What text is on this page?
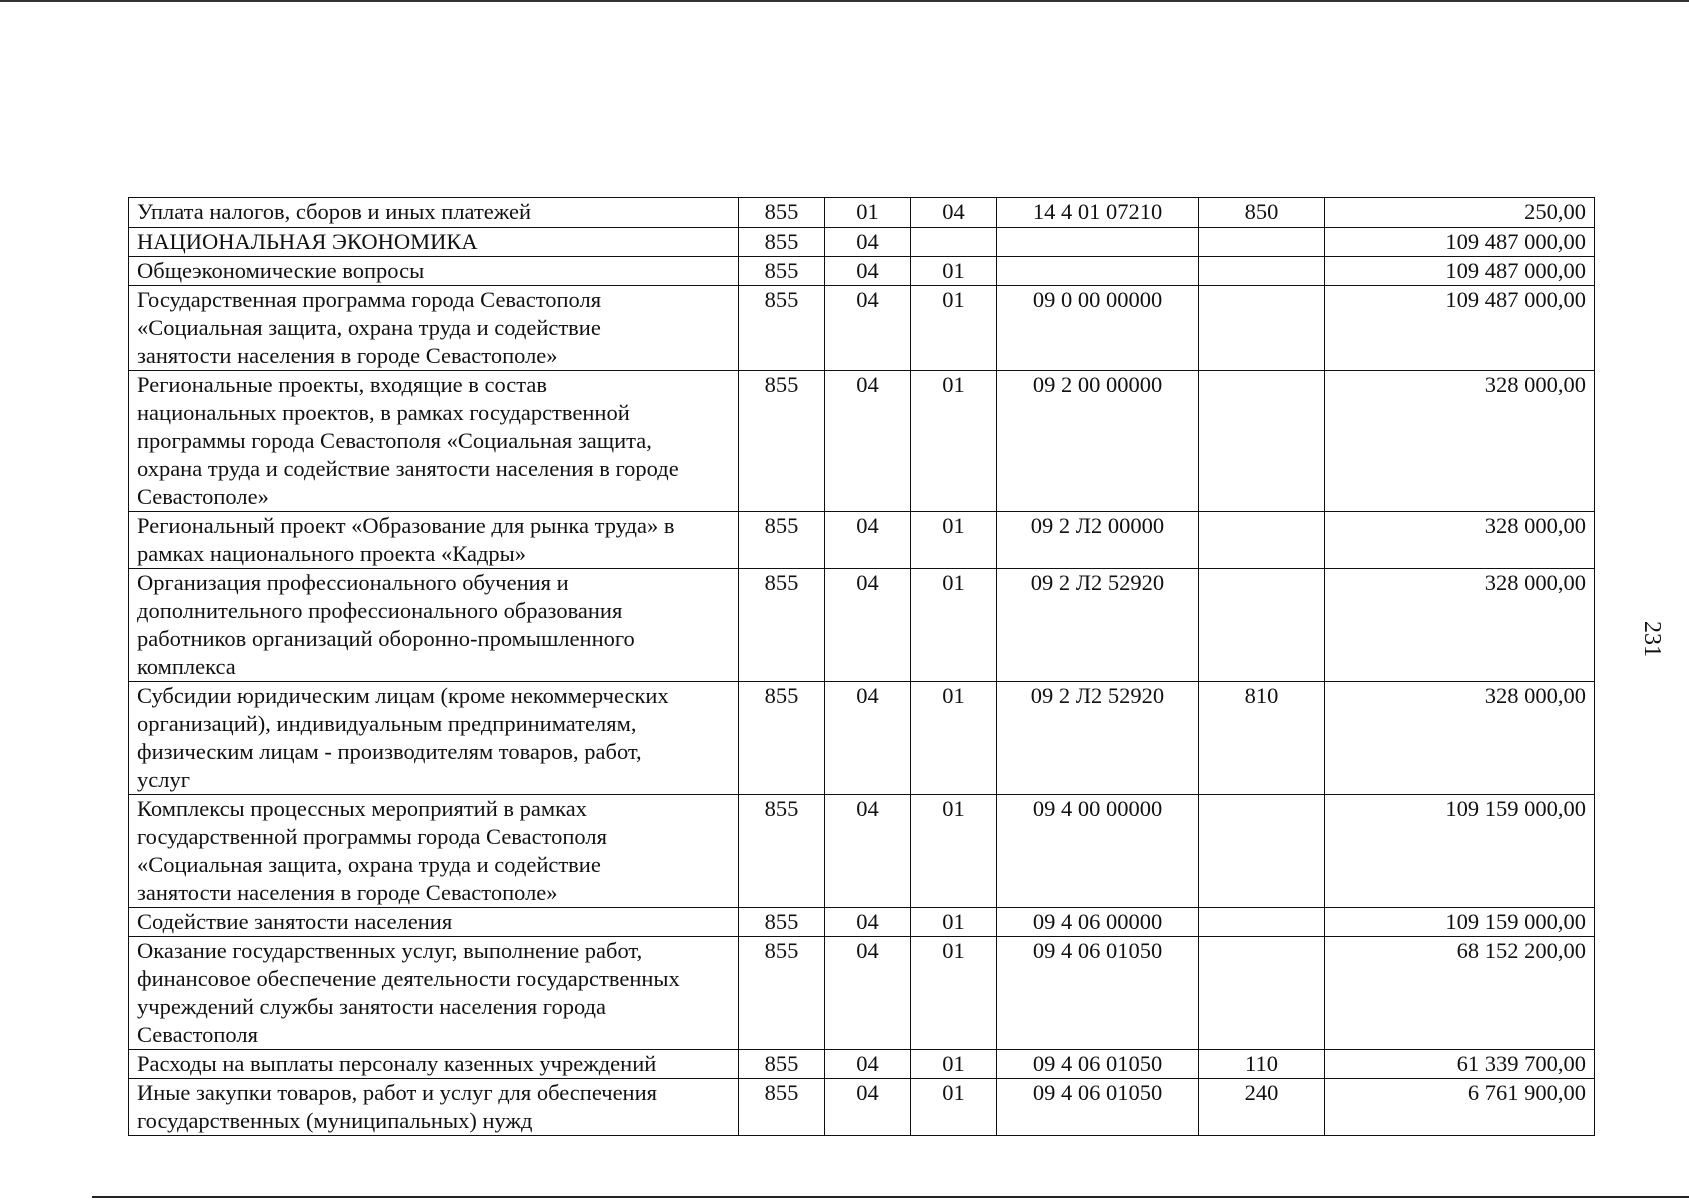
Уплата налогов, сборов и иных платежей	855	01	04	14 4 01 07210	850	250,00
НАЦИОНАЛЬНАЯ ЭКОНОМИКА	855	04				109 487 000,00
Общеэкономические вопросы	855	04	01			109 487 000,00
Государственная программа города Севастополя
«Социальная защита, охрана труда и содействие
занятости населения в городе Севастополе»	855	04	01	09 0 00 00000		109 487 000,00
Региональные проекты, входящие в состав
национальных проектов, в рамках государственной
программы города Севастополя «Социальная защита,
охрана труда и содействие занятости населения в городе
Севастополе»	855	04	01	09 2 00 00000		328 000,00
Региональный проект «Образование для рынка труда» в
рамках национального проекта «Кадры»	855	04	01	09 2 Л2 00000		328 000,00
Организация профессионального обучения и
дополнительного профессионального образования
работников организаций оборонно-промышленного
комплекса	855	04	01	09 2 Л2 52920		328 000,00
Субсидии юридическим лицам (кроме некоммерческих
организаций), индивидуальным предпринимателям,
физическим лицам - производителям товаров, работ,
услуг	855	04	01	09 2 Л2 52920	810	328 000,00
Комплексы процессных мероприятий в рамках
государственной программы города Севастополя
«Социальная защита, охрана труда и содействие
занятости населения в городе Севастополе»	855	04	01	09 4 00 00000		109 159 000,00
Содействие занятости населения	855	04	01	09 4 06 00000		109 159 000,00
Оказание государственных услуг, выполнение работ,
финансовое обеспечение деятельности государственных
учреждений службы занятости населения города
Севастополя	855	04	01	09 4 06 01050		68 152 200,00
Расходы на выплаты персоналу казенных учреждений	855	04	01	09 4 06 01050	110	61 339 700,00
Иные закупки товаров, работ и услуг для обеспечения
государственных (муниципальных) нужд	855	04	01	09 4 06 01050	240	6 761 900,00
231
